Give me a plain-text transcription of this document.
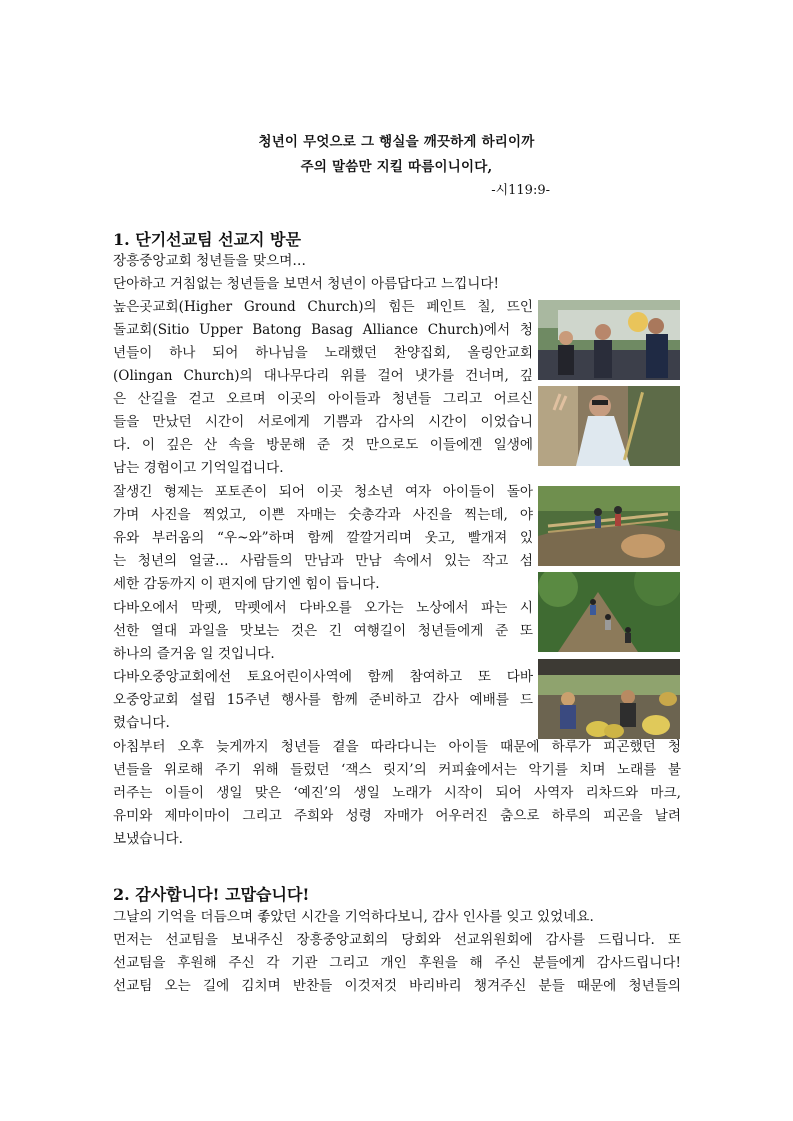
청년이 무엇으로 그 행실을 깨끗하게 하리이까
주의 말씀만 지킬 따름이니이다,
-시119:9-
1. 단기선교팀 선교지 방문
장흥중앙교회 청년들을 맞으며…
단아하고 거침없는 청년들을 보면서 청년이 아름답다고 느낍니다!
높은곳교회(Higher Ground Church)의 힘든 페인트 칠, 뜨인
돌교회(Sitio Upper Batong Basag Alliance Church)에서 청
년들이 하나 되어 하나님을 노래했던 찬양집회, 올링안교회
(Olingan Church)의 대나무다리 위를 걸어 냇가를 건너며, 깊
은 산길을 걷고 오르며 이곳의 아이들과 청년들 그리고 어르신
들을 만났던 시간이 서로에게 기쁨과 감사의 시간이 이었습니
다. 이 깊은 산 속을 방문해 준 것 만으로도 이들에겐 일생에
남는 경험이고 기억일겁니다.
잘생긴 형제는 포토존이 되어 이곳 청소년 여자 아이들이 돌아
가며 사진을 찍었고, 이쁜 자매는 숫총각과 사진을 찍는데, 야
유와 부러움의 “우~와”하며 함께 깔깔거리며 웃고, 빨개져 있
는 청년의 얼굴… 사람들의 만남과 만남 속에서 있는 작고 섬
세한 감동까지 이 편지에 담기엔 힘이 듭니다.
다바오에서 막펫, 막펫에서 다바오를 오가는 노상에서 파는 시
선한 열대 과일을 맛보는 것은 긴 여행길이 청년들에게 준 또
하나의 즐거움 일 것입니다.
다바오중앙교회에선 토요어린이사역에 함께 참여하고 또 다바
오중앙교회 설립 15주년 행사를 함께 준비하고 감사 예배를 드
렸습니다.
아침부터 오후 늦게까지 청년들 곁을 따라다니는 아이들 때문에 하루가 피곤했던 청
년들을 위로해 주기 위해 들렀던 ‘잭스 릿지’의 커피숖에서는 악기를 치며 노래를 불
러주는 이들이 생일 맞은 ‘예진’의 생일 노래가 시작이 되어 사역자 리차드와 마크,
유미와 제마이마이 그리고 주희와 성령 자매가 어우러진 춤으로 하루의 피곤을 날려
보냈습니다.
2. 감사합니다! 고맙습니다!
그날의 기억을 더듬으며 좋았던 시간을 기억하다보니, 감사 인사를 잊고 있었네요.
먼저는 선교팀을 보내주신 장흥중앙교회의 당회와 선교위원회에 감사를 드립니다. 또
선교팀을 후원해 주신 각 기관 그리고 개인 후원을 해 주신 분들에게 감사드립니다!
선교팀 오는 길에 김치며 반찬들 이것저것 바리바리 챙겨주신 분들 때문에 청년들의
